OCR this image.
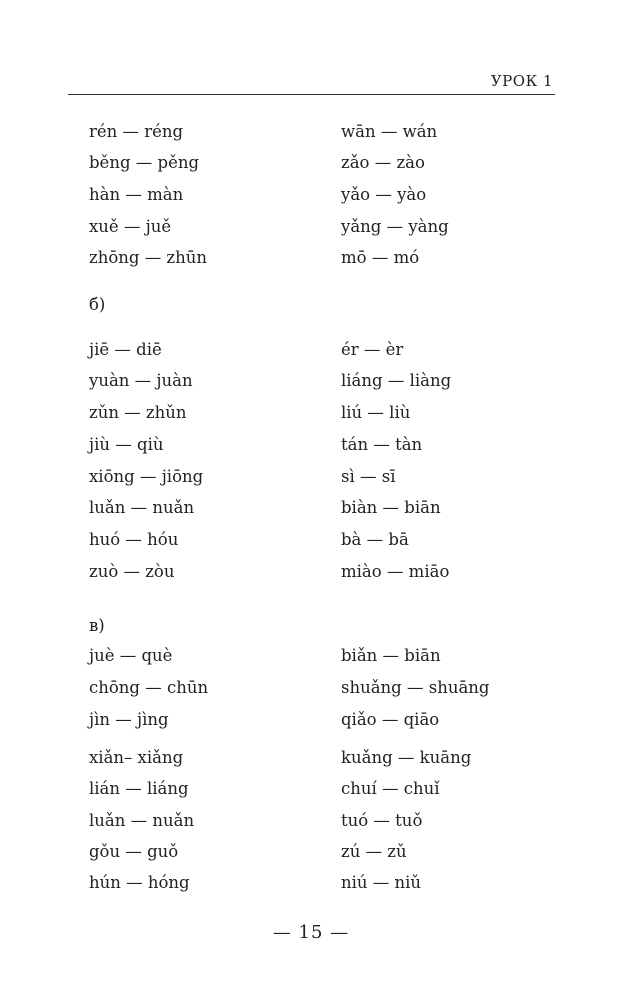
УРОК 1
rén — réng
běng — pěng
hàn — màn
xuě — juě
zhōng — zhūn
wān — wán
zǎo — zào
yǎo — yào
yǎng — yàng
mō — mó
б)
jiē — diē
yuàn — juàn
zǔn — zhǔn
jiù — qiù
xiōng — jiōng
luǎn — nuǎn
huó — hóu
zuò — zòu
ér — èr
liáng — liàng
liú — liù
tán — tàn
sì — sī
biàn — biān
bà — bā
miào — miāo
в)
juè — què
chōng — chūn
jìn — jìng
xiǎn– xiǎng
lián — liáng
luǎn — nuǎn
gǒu — guǒ
hún — hóng
biǎn — biān
shuǎng — shuāng
qiǎo — qiāo
kuǎng — kuāng
chuí — chuǐ
tuó — tuǒ
zú — zǔ
niú — niǔ
— 15 —
